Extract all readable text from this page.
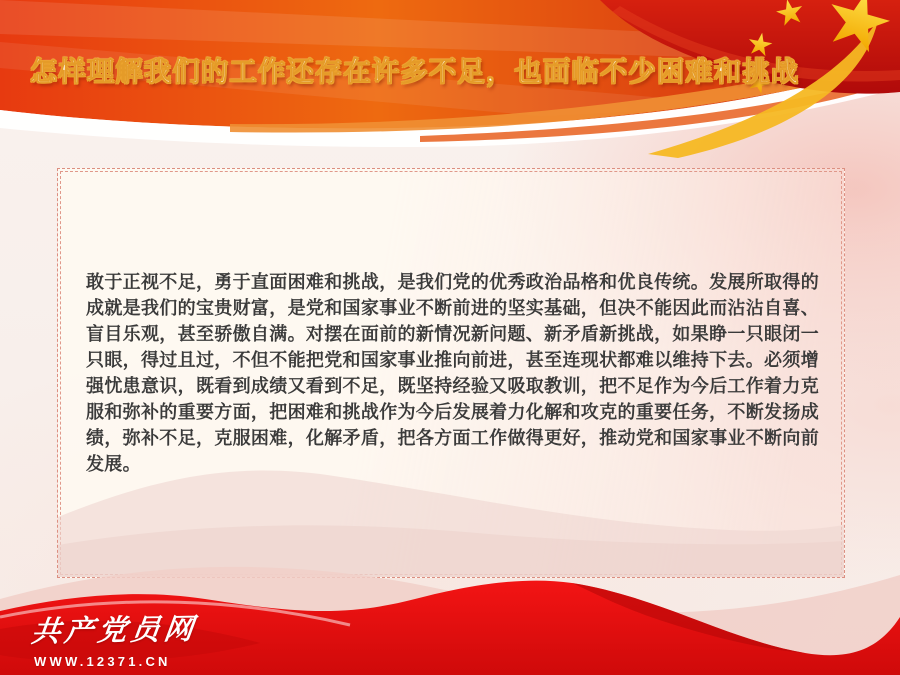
怎样理解我们的工作还存在许多不足，也面临不少困难和挑战
敢于正视不足，勇于直面困难和挑战，是我们党的优秀政治品格和优良传统。发展所取得的成就是我们的宝贵财富，是党和国家事业不断前进的坚实基础，但决不能因此而沾沾自喜、盲目乐观，甚至骄傲自满。对摆在面前的新情况新问题、新矛盾新挑战，如果睁一只眼闭一只眼，得过且过，不但不能把党和国家事业推向前进，甚至连现状都难以维持下去。必须增强忧患意识，既看到成绩又看到不足，既坚持经验又吸取教训，把不足作为今后工作着力克服和弥补的重要方面，把困难和挑战作为今后发展着力化解和攻克的重要任务，不断发扬成绩，弥补不足，克服困难，化解矛盾，把各方面工作做得更好，推动党和国家事业不断向前发展。
共产党员网
WWW.12371.CN
